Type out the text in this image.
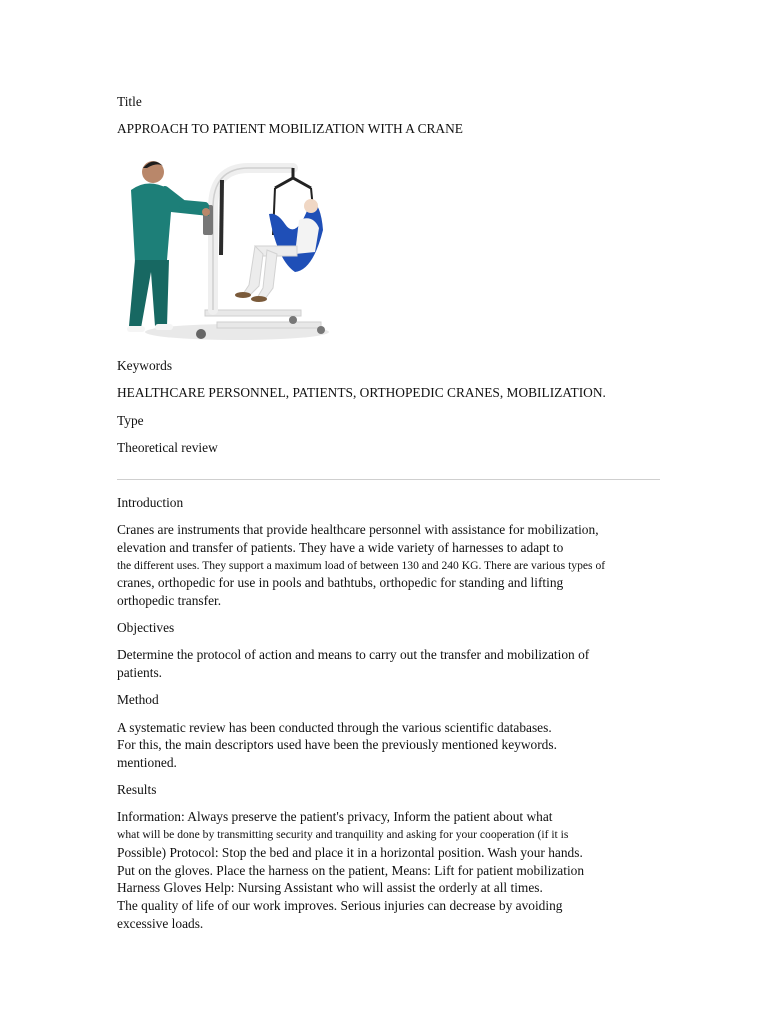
Title
APPROACH TO PATIENT MOBILIZATION WITH A CRANE
Keywords
HEALTHCARE PERSONNEL, PATIENTS, ORTHOPEDIC CRANES, MOBILIZATION.
Type
Theoretical review
Introduction
Cranes are instruments that provide healthcare personnel with assistance for mobilization,
elevation and transfer of patients. They have a wide variety of harnesses to adapt to
the different uses. They support a maximum load of between 130 and 240 KG. There are various types of
cranes, orthopedic for use in pools and bathtubs, orthopedic for standing and lifting
orthopedic transfer.
Objectives
Determine the protocol of action and means to carry out the transfer and mobilization of
patients.
Method
A systematic review has been conducted through the various scientific databases.
For this, the main descriptors used have been the previously mentioned keywords.
mentioned.
Results
Information: Always preserve the patient's privacy, Inform the patient about what
what will be done by transmitting security and tranquility and asking for your cooperation (if it is
Possible) Protocol: Stop the bed and place it in a horizontal position. Wash your hands.
Put on the gloves. Place the harness on the patient, Means: Lift for patient mobilization
Harness Gloves Help: Nursing Assistant who will assist the orderly at all times.
The quality of life of our work improves. Serious injuries can decrease by avoiding
excessive loads.
